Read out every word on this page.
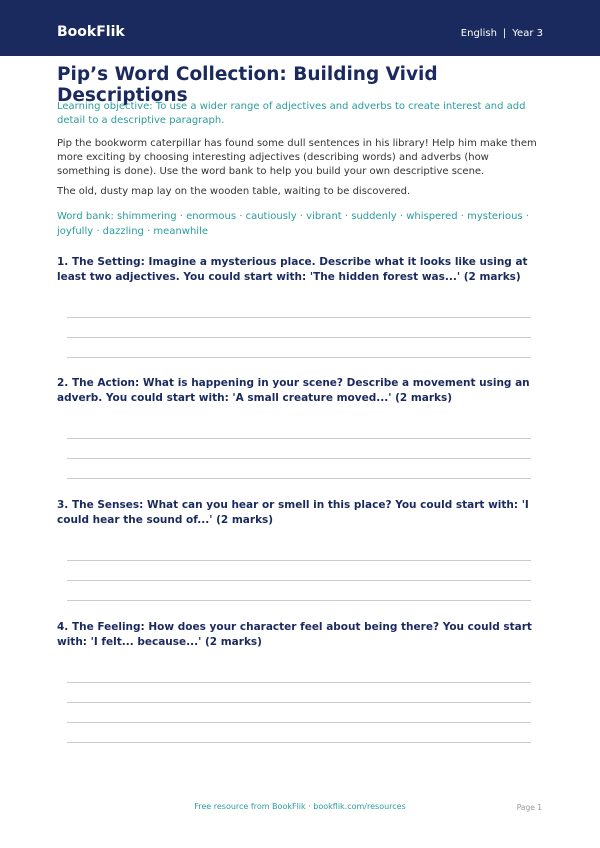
BookFlik	English | Year 3
Pip’s Word Collection: Building Vivid Descriptions
Learning objective: To use a wider range of adjectives and adverbs to create interest and add detail to a descriptive paragraph.
Pip the bookworm caterpillar has found some dull sentences in his library! Help him make them more exciting by choosing interesting adjectives (describing words) and adverbs (how something is done). Use the word bank to help you build your own descriptive scene.
The old, dusty map lay on the wooden table, waiting to be discovered.
Word bank: shimmering · enormous · cautiously · vibrant · suddenly · whispered · mysterious · joyfully · dazzling · meanwhile
1. The Setting: Imagine a mysterious place. Describe what it looks like using at least two adjectives. You could start with: 'The hidden forest was...' (2 marks)
2. The Action: What is happening in your scene? Describe a movement using an adverb. You could start with: 'A small creature moved...' (2 marks)
3. The Senses: What can you hear or smell in this place? You could start with: 'I could hear the sound of...' (2 marks)
4. The Feeling: How does your character feel about being there? You could start with: 'I felt... because...' (2 marks)
Free resource from BookFlik · bookflik.com/resources	Page 1
